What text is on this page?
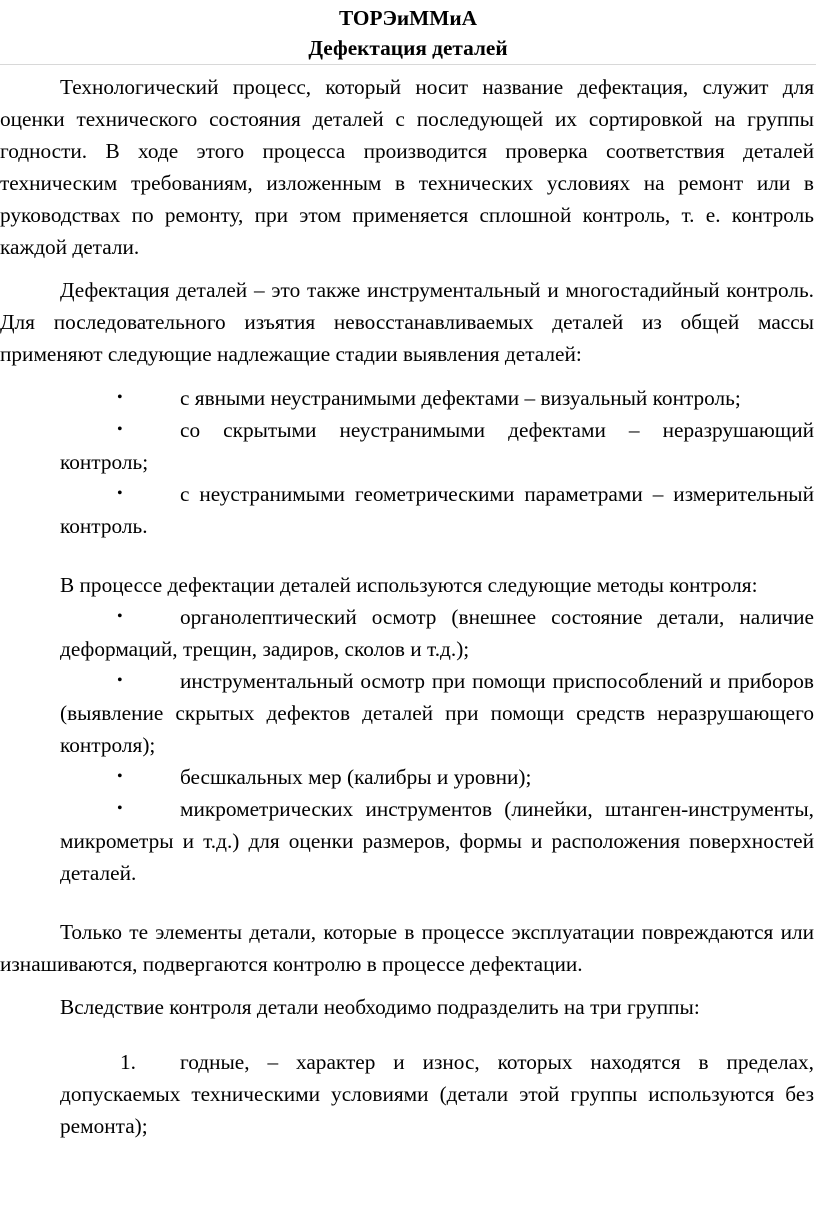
ТОРЭиММиА
Дефектация деталей

Технологический процесс, который носит название дефектация, служит для оценки технического состояния деталей с последующей их сортировкой на группы годности. В ходе этого процесса производится проверка соответствия деталей техническим требованиям, изложенным в технических условиях на ремонт или в руководствах по ремонту, при этом применяется сплошной контроль, т. е. контроль каждой детали.

Дефектация деталей – это также инструментальный и многостадийный контроль. Для последовательного изъятия невосстанавливаемых деталей из общей массы применяют следующие надлежащие стадии выявления деталей:

•	с явными неустранимыми дефектами – визуальный контроль;

•	со скрытыми неустранимыми дефектами – неразрушающий контроль;

•	с неустранимыми геометрическими параметрами – измерительный контроль.

В процессе дефектации деталей используются следующие методы контроля:

•	органолептический осмотр (внешнее состояние детали, наличие деформаций, трещин, задиров, сколов и т.д.);

•	инструментальный осмотр при помощи приспособлений и приборов (выявление скрытых дефектов деталей при помощи средств неразрушающего контроля);

•	бесшкальных мер (калибры и уровни);

•	микрометрических инструментов (линейки, штанген-инструменты, микрометры и т.д.) для оценки размеров, формы и расположения поверхностей деталей.

Только те элементы детали, которые в процессе эксплуатации повреждаются или изнашиваются, подвергаются контролю в процессе дефектации.

Вследствие контроля детали необходимо подразделить на три группы:

1. годные, – характер и износ, которых находятся в пределах, допускаемых техническими условиями (детали этой группы используются без ремонта);
